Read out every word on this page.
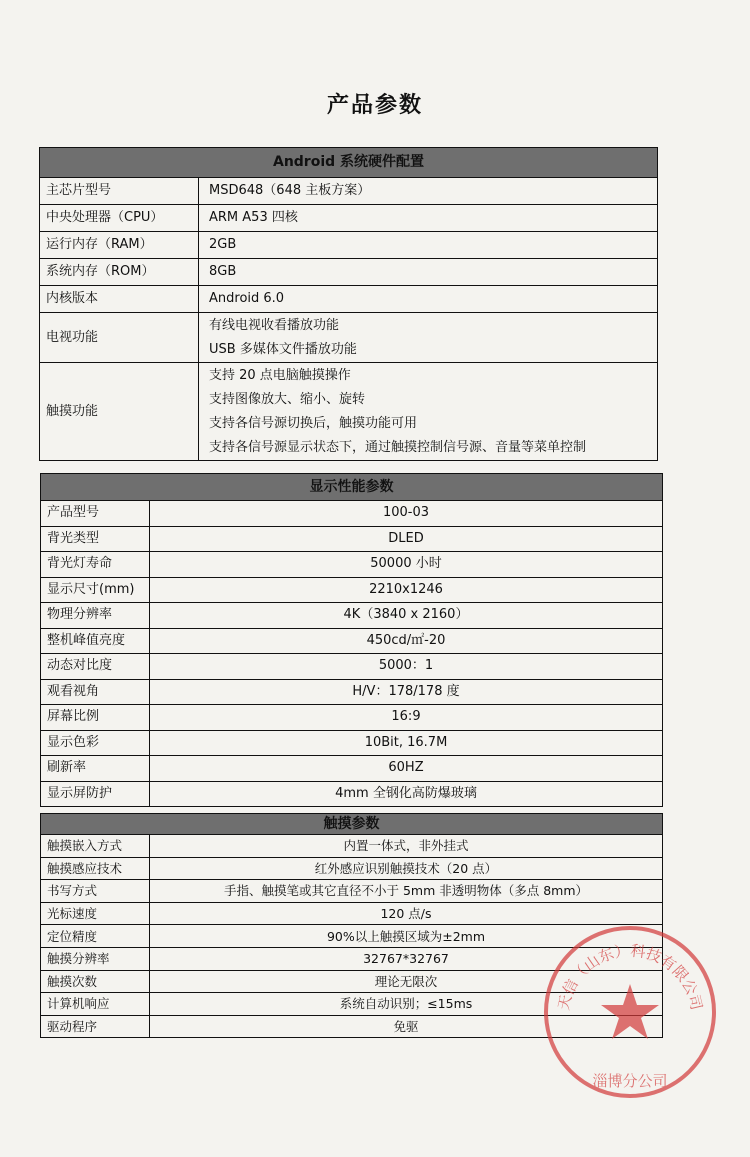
产品参数
Android 系统硬件配置	
主芯片型号	MSD648（648 主板方案）
中央处理器（CPU）	ARM A53 四核
运行内存（RAM）	2GB
系统内存（ROM）	8GB
内核版本	Android 6.0
电视功能	有线电视收看播放功能
USB 多媒体文件播放功能

触摸功能	支持 20 点电脑触摸操作
支持图像放大、缩小、旋转
支持各信号源切换后，触摸功能可用
支持各信号源显示状态下，通过触摸控制信号源、音量等菜单控制
显示性能参数	
产品型号	100-03
背光类型	DLED
背光灯寿命	50000 小时
显示尺寸(mm)	2210x1246
物理分辨率	4K（3840 x 2160）
整机峰值亮度	450cd/㎡-20
动态对比度	5000：1
观看视角	H/V：178/178 度
屏幕比例	16:9
显示色彩	10Bit, 16.7M
刷新率	60HZ
显示屏防护	4mm 全钢化高防爆玻璃
触摸参数	
触摸嵌入方式	内置一体式，非外挂式
触摸感应技术	红外感应识别触摸技术（20 点）
书写方式	手指、触摸笔或其它直径不小于 5mm 非透明物体（多点 8mm）
光标速度	120 点/s
定位精度	90%以上触摸区域为±2mm
触摸分辨率	32767*32767
触摸次数	理论无限次
计算机响应	系统自动识别；≤15ms
驱动程序	免驱
天信（山东）科技有限公司
淄博分公司
